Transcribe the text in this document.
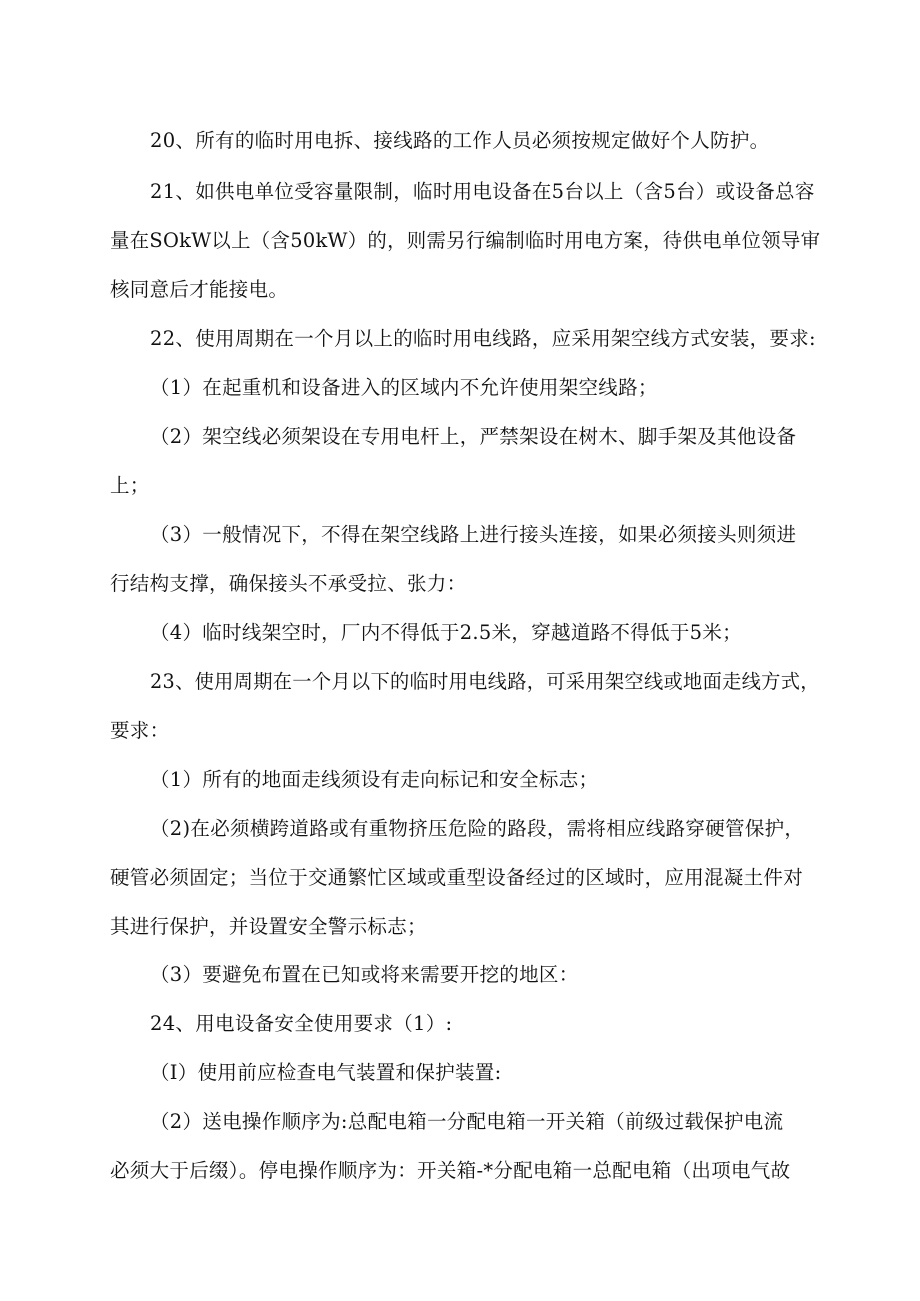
20、所有的临时用电拆、接线路的工作人员必须按规定做好个人防护。

21、如供电单位受容量限制，临时用电设备在5台以上（含5台）或设备总容

量在SOkW以上（含50kW）的，则需另行编制临时用电方案，待供电单位领导审
核同意后才能接电。

22、使用周期在一个月以上的临时用电线路，应采用架空线方式安装，要求:

（1）在起重机和设备进入的区域内不允许使用架空线路；

（2）架空线必须架设在专用电杆上，严禁架设在树木、脚手架及其他设备

上；

（3）一般情况下，不得在架空线路上进行接头连接，如果必须接头则须进

行结构支撑，确保接头不承受拉、张力：

（4）临时线架空时，厂内不得低于2.5米，穿越道路不得低于5米；

23、使用周期在一个月以下的临时用电线路，可采用架空线或地面走线方式，

要求：

（1）所有的地面走线须设有走向标记和安全标志；

（2)在必须横跨道路或有重物挤压危险的路段，需将相应线路穿硬管保护，

硬管必须固定；当位于交通繁忙区域或重型设备经过的区域时，应用混凝土件对
其进行保护，并设置安全警示标志；

（3）要避免布置在已知或将来需要开挖的地区：

24、用电设备安全使用要求（1）:

（I）使用前应检查电气装置和保护装置:

（2）送电操作顺序为:总配电箱一分配电箱一开关箱（前级过载保护电流

必须大于后缀）。停电操作顺序为：开关箱-*分配电箱一总配电箱（出项电气故
